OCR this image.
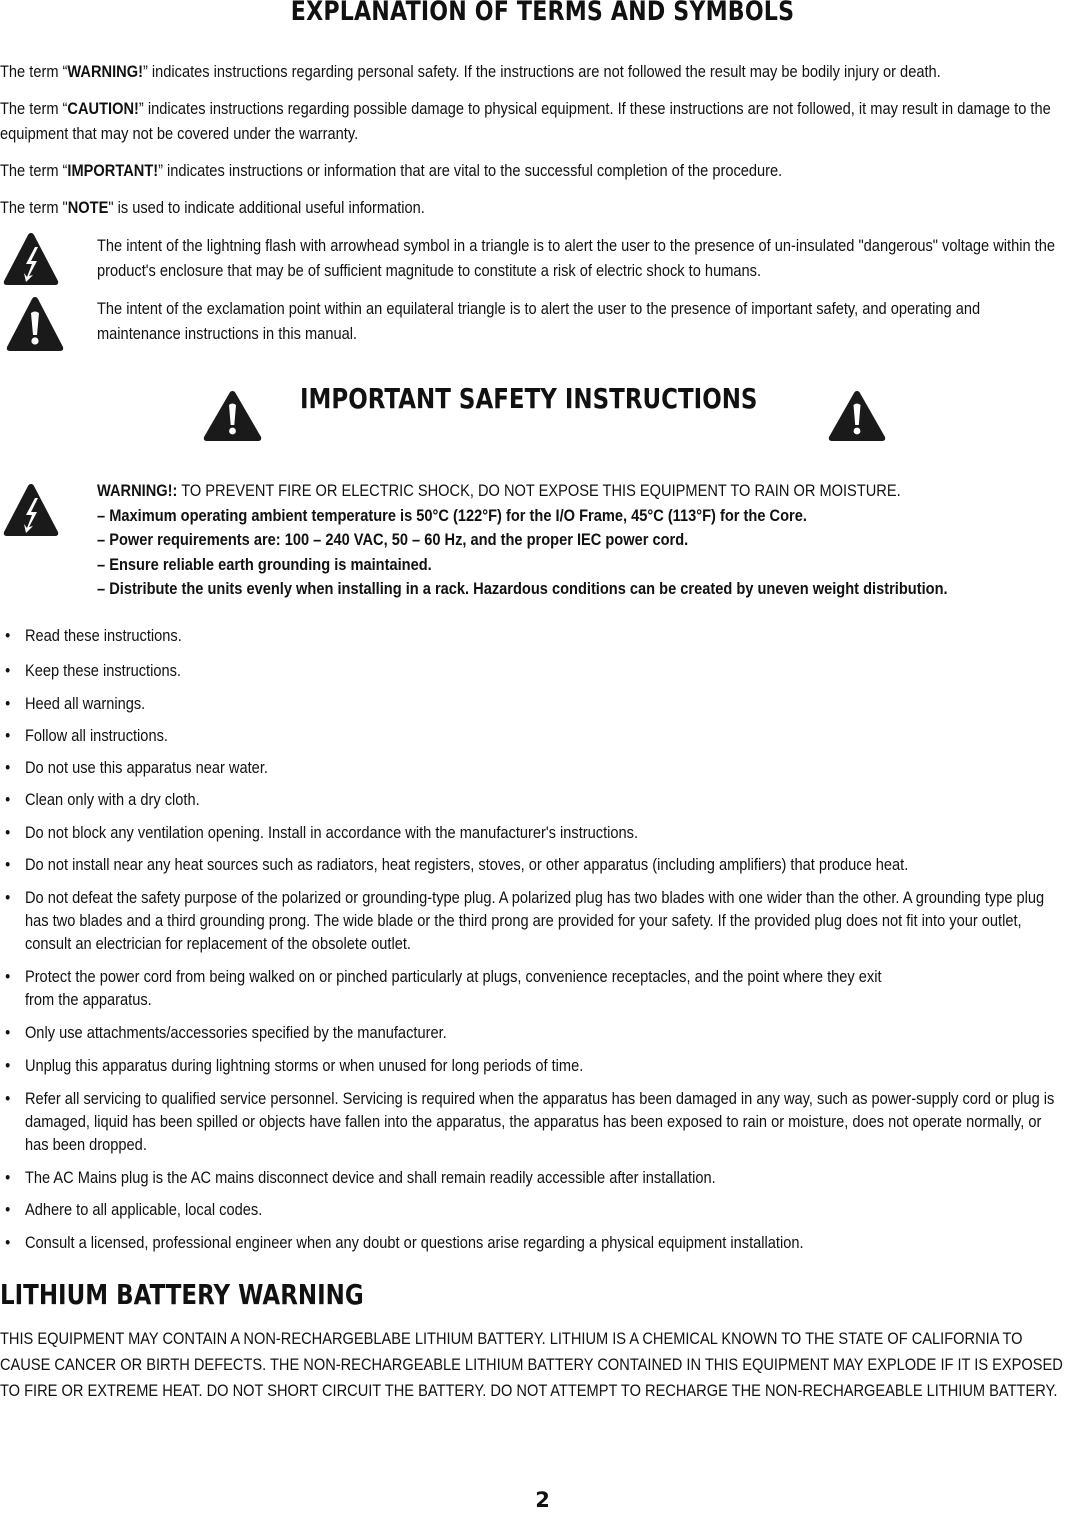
EXPLANATION OF TERMS AND SYMBOLS

The term “WARNING!” indicates instructions regarding personal safety. If the instructions are not followed the result may be bodily injury or death.

The term “CAUTION!” indicates instructions regarding possible damage to physical equipment. If these instructions are not followed, it may result in damage to the equipment that may not be covered under the warranty.

The term “IMPORTANT!” indicates instructions or information that are vital to the successful completion of the procedure.

The term "NOTE" is used to indicate additional useful information.

The intent of the lightning flash with arrowhead symbol in a triangle is to alert the user to the presence of un-insulated "dangerous" voltage within the product's enclosure that may be of sufficient magnitude to constitute a risk of electric shock to humans.

The intent of the exclamation point within an equilateral triangle is to alert the user to the presence of important safety, and operating and maintenance instructions in this manual.

IMPORTANT SAFETY INSTRUCTIONS
WARNING!: TO PREVENT FIRE OR ELECTRIC SHOCK, DO NOT EXPOSE THIS EQUIPMENT TO RAIN OR MOISTURE.
– Maximum operating ambient temperature is 50°C (122°F) for the I/O Frame, 45°C (113°F) for the Core.
– Power requirements are: 100 – 240 VAC, 50 – 60 Hz, and the proper IEC power cord.
– Ensure reliable earth grounding is maintained.
– Distribute the units evenly when installing in a rack. Hazardous conditions can be created by uneven weight distribution.
• Read these instructions.
• Keep these instructions.
• Heed all warnings.
• Follow all instructions.
• Do not use this apparatus near water.
• Clean only with a dry cloth.
• Do not block any ventilation opening. Install in accordance with the manufacturer's instructions.
• Do not install near any heat sources such as radiators, heat registers, stoves, or other apparatus (including amplifiers) that produce heat.
• Do not defeat the safety purpose of the polarized or grounding-type plug. A polarized plug has two blades with one wider than the other. A grounding type plug has two blades and a third grounding prong. The wide blade or the third prong are provided for your safety. If the provided plug does not fit into your outlet, consult an electrician for replacement of the obsolete outlet.
• Protect the power cord from being walked on or pinched particularly at plugs, convenience receptacles, and the point where they exit from the apparatus.
• Only use attachments/accessories specified by the manufacturer.
• Unplug this apparatus during lightning storms or when unused for long periods of time.
• Refer all servicing to qualified service personnel. Servicing is required when the apparatus has been damaged in any way, such as power-supply cord or plug is damaged, liquid has been spilled or objects have fallen into the apparatus, the apparatus has been exposed to rain or moisture, does not operate normally, or has been dropped.
• The AC Mains plug is the AC mains disconnect device and shall remain readily accessible after installation.
• Adhere to all applicable, local codes.
• Consult a licensed, professional engineer when any doubt or questions arise regarding a physical equipment installation.
LITHIUM BATTERY WARNING

THIS EQUIPMENT MAY CONTAIN A NON-RECHARGEBLABE LITHIUM BATTERY. LITHIUM IS A CHEMICAL KNOWN TO THE STATE OF CALIFORNIA TO CAUSE CANCER OR BIRTH DEFECTS. THE NON-RECHARGEABLE LITHIUM BATTERY CONTAINED IN THIS EQUIPMENT MAY EXPLODE IF IT IS EXPOSED TO FIRE OR EXTREME HEAT. DO NOT SHORT CIRCUIT THE BATTERY. DO NOT ATTEMPT TO RECHARGE THE NON-RECHARGEABLE LITHIUM BATTERY.

2
